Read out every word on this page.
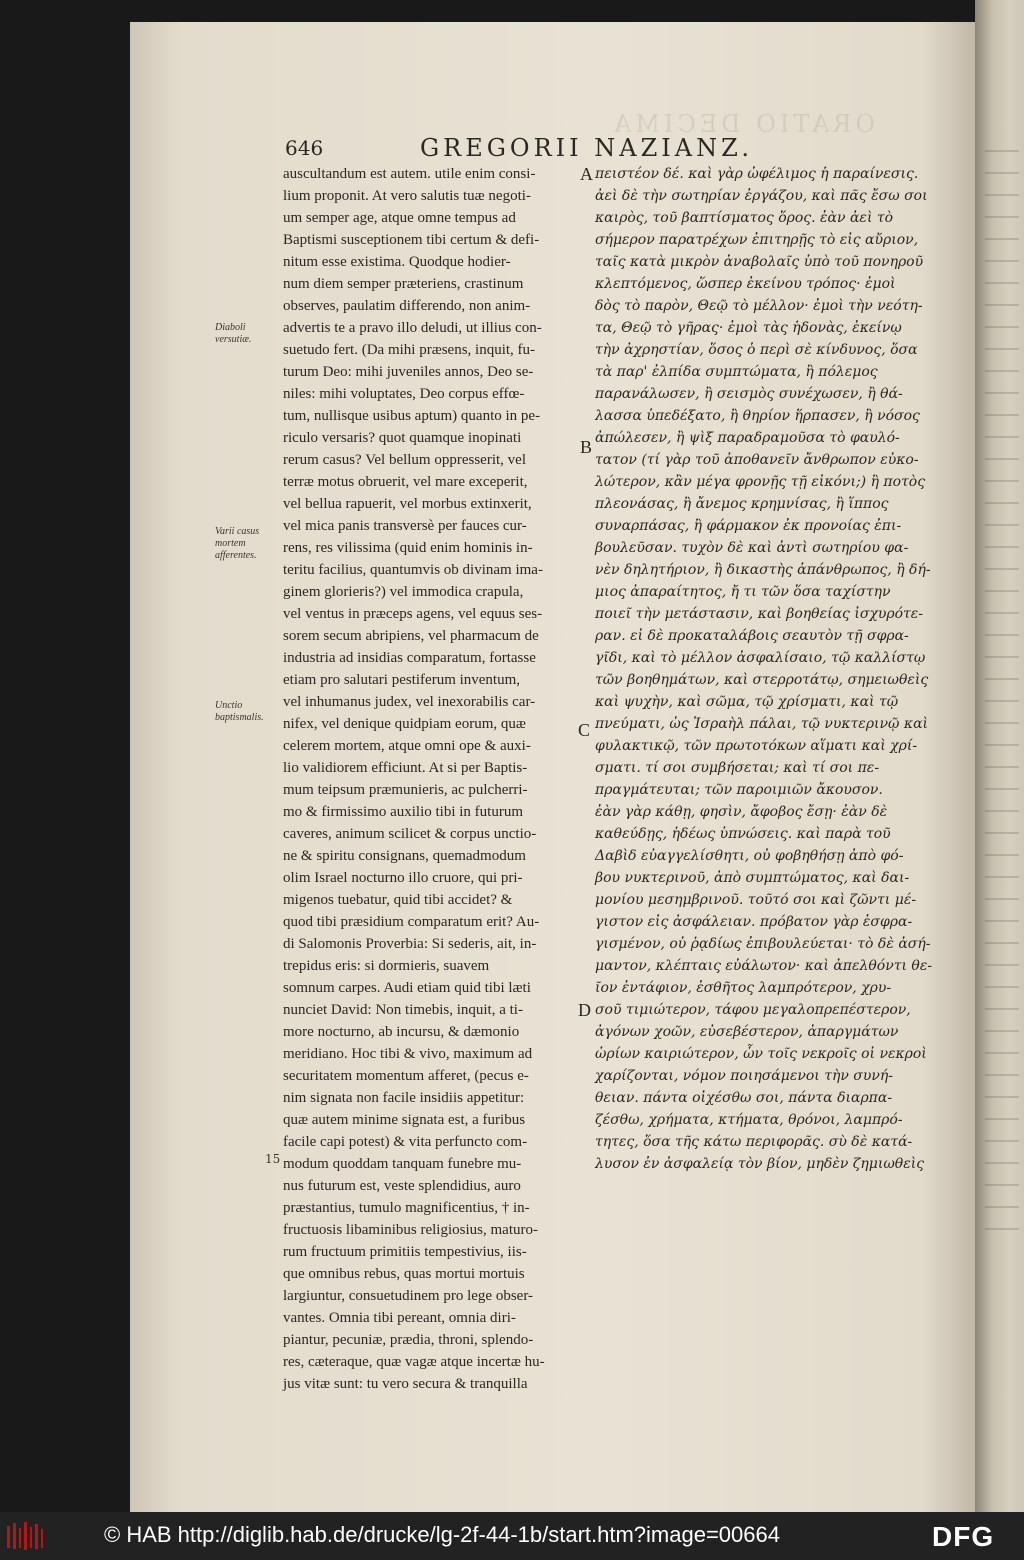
ORATIO DECIMA
646	GREGORII NAZIANZ.
Diaboli versutiæ.
Varii casus mortem afferentes.
Unctio baptismalis.
15
A
B
C
D

auscultandum est autem. utile enim consi-

lium proponit. At vero salutis tuæ negoti-

um semper age, atque omne tempus ad

Baptismi susceptionem tibi certum & defi-

nitum esse existima. Quodque hodier-

num diem semper præteriens, crastinum

observes, paulatim differendo, non anim-

advertis te a pravo illo deludi, ut illius con-

suetudo fert. (Da mihi præsens, inquit, fu-

turum Deo: mihi juveniles annos, Deo se-

niles: mihi voluptates, Deo corpus effœ-

tum, nullisque usibus aptum) quanto in pe-

riculo versaris? quot quamque inopinati

rerum casus? Vel bellum oppresserit, vel

terræ motus obruerit, vel mare exceperit,

vel bellua rapuerit, vel morbus extinxerit,

vel mica panis transversè per fauces cur-

rens, res vilissima (quid enim hominis in-

teritu facilius, quantumvis ob divinam ima-

ginem glorieris?) vel immodica crapula,

vel ventus in præceps agens, vel equus ses-

sorem secum abripiens, vel pharmacum de

industria ad insidias comparatum, fortasse

etiam pro salutari pestiferum inventum,

vel inhumanus judex, vel inexorabilis car-

nifex, vel denique quidpiam eorum, quæ

celerem mortem, atque omni ope & auxi-

lio validiorem efficiunt. At si per Baptis-

mum teipsum præmunieris, ac pulcherri-

mo & firmissimo auxilio tibi in futurum

caveres, animum scilicet & corpus unctio-

ne & spiritu consignans, quemadmodum

olim Israel nocturno illo cruore, qui pri-

migenos tuebatur, quid tibi accidet? &

quod tibi præsidium comparatum erit? Au-

di Salomonis Proverbia: Si sederis, ait, in-

trepidus eris: si dormieris, suavem

somnum carpes. Audi etiam quid tibi læti

nunciet David: Non timebis, inquit, a ti-

more nocturno, ab incursu, & dæmonio

meridiano. Hoc tibi & vivo, maximum ad

securitatem momentum afferet, (pecus e-

nim signata non facile insidiis appetitur:

quæ autem minime signata est, a furibus

facile capi potest) & vita perfuncto com-

modum quoddam tanquam funebre mu-

nus futurum est, veste splendidius, auro

præstantius, tumulo magnificentius, † in-

fructuosis libaminibus religiosius, maturo-

rum fructuum primitiis tempestivius, iis-

que omnibus rebus, quas mortui mortuis

largiuntur, consuetudinem pro lege obser-

vantes. Omnia tibi pereant, omnia diri-

piantur, pecuniæ, prædia, throni, splendo-

res, cæteraque, quæ vagæ atque incertæ hu-

jus vitæ sunt: tu vero secura & tranquilla

πειστέον δέ. καὶ γὰρ ὠφέλιμος ἡ παραίνεσις.

ἀεὶ δὲ τὴν σωτηρίαν ἐργάζου, καὶ πᾶς ἔσω σοι

καιρὸς, τοῦ βαπτίσματος ὅρος. ἐὰν ἀεὶ τὸ

σήμερον παρατρέχων ἐπιτηρῇς τὸ εἰς αὔριον,

ταῖς κατὰ μικρὸν ἀναβολαῖς ὑπὸ τοῦ πονηροῦ

κλεπτόμενος, ὥσπερ ἐκείνου τρόπος· ἐμοὶ

δὸς τὸ παρὸν, Θεῷ τὸ μέλλον· ἐμοὶ τὴν νεότη-

τα, Θεῷ τὸ γῆρας· ἐμοὶ τὰς ἡδονὰς, ἐκείνῳ

τὴν ἀχρηστίαν, ὅσος ὁ περὶ σὲ κίνδυνος, ὅσα

τὰ παρ' ἐλπίδα συμπτώματα, ἢ πόλεμος

παρανάλωσεν, ἢ σεισμὸς συνέχωσεν, ἢ θά-

λασσα ὑπεδέξατο, ἢ θηρίον ἥρπασεν, ἢ νόσος

ἀπώλεσεν, ἢ ψὶξ παραδραμοῦσα τὸ φαυλό-

τατον (τί γὰρ τοῦ ἀποθανεῖν ἄνθρωπον εὐκο-

λώτερον, κἂν μέγα φρονῇς τῇ εἰκόνι;) ἢ ποτὸς

πλεονάσας, ἢ ἄνεμος κρημνίσας, ἢ ἵππος

συναρπάσας, ἢ φάρμακον ἐκ προνοίας ἐπι-

βουλεῦσαν. τυχὸν δὲ καὶ ἀντὶ σωτηρίου φα-

νὲν δηλητήριον, ἢ δικαστὴς ἀπάνθρωπος, ἢ δή-

μιος ἀπαραίτητος, ἤ τι τῶν ὅσα ταχίστην

ποιεῖ τὴν μετάστασιν, καὶ βοηθείας ἰσχυρότε-

ραν. εἰ δὲ προκαταλάβοις σεαυτὸν τῇ σφρα-

γῖδι, καὶ τὸ μέλλον ἀσφαλίσαιο, τῷ καλλίστῳ

τῶν βοηθημάτων, καὶ στερροτάτῳ, σημειωθεὶς

καὶ ψυχὴν, καὶ σῶμα, τῷ χρίσματι, καὶ τῷ

πνεύματι, ὡς Ἰσραὴλ πάλαι, τῷ νυκτερινῷ καὶ

φυλακτικῷ, τῶν πρωτοτόκων αἵματι καὶ χρί-

σματι. τί σοι συμβήσεται; καὶ τί σοι πε-

πραγμάτευται; τῶν παροιμιῶν ἄκουσον.

ἐὰν γὰρ κάθῃ, φησὶν, ἄφοβος ἔσῃ· ἐὰν δὲ

καθεύδῃς, ἡδέως ὑπνώσεις. καὶ παρὰ τοῦ

Δαβὶδ εὐαγγελίσθητι, οὐ φοβηθήσῃ ἀπὸ φό-

βου νυκτερινοῦ, ἀπὸ συμπτώματος, καὶ δαι-

μονίου μεσημβρινοῦ. τοῦτό σοι καὶ ζῶντι μέ-

γιστον εἰς ἀσφάλειαν. πρόβατον γὰρ ἐσφρα-

γισμένον, οὐ ῥᾳδίως ἐπιβουλεύεται· τὸ δὲ ἀσή-

μαντον, κλέπταις εὐάλωτον· καὶ ἀπελθόντι θε-

ῖον ἐντάφιον, ἐσθῆτος λαμπρότερον, χρυ-

σοῦ τιμιώτερον, τάφου μεγαλοπρεπέστερον,

ἀγόνων χοῶν, εὐσεβέστερον, ἀπαργμάτων

ὡρίων καιριώτερον, ὧν τοῖς νεκροῖς οἱ νεκροὶ

χαρίζονται, νόμον ποιησάμενοι τὴν συνή-

θειαν. πάντα οἰχέσθω σοι, πάντα διαρπα-

ζέσθω, χρήματα, κτήματα, θρόνοι, λαμπρό-

τητες, ὅσα τῆς κάτω περιφορᾶς. σὺ δὲ κατά-

λυσον ἐν ἀσφαλείᾳ τὸν βίον, μηδὲν ζημιωθεὶς

© HAB http://diglib.hab.de/drucke/lg-2f-44-1b/start.htm?image=00664	DFG
